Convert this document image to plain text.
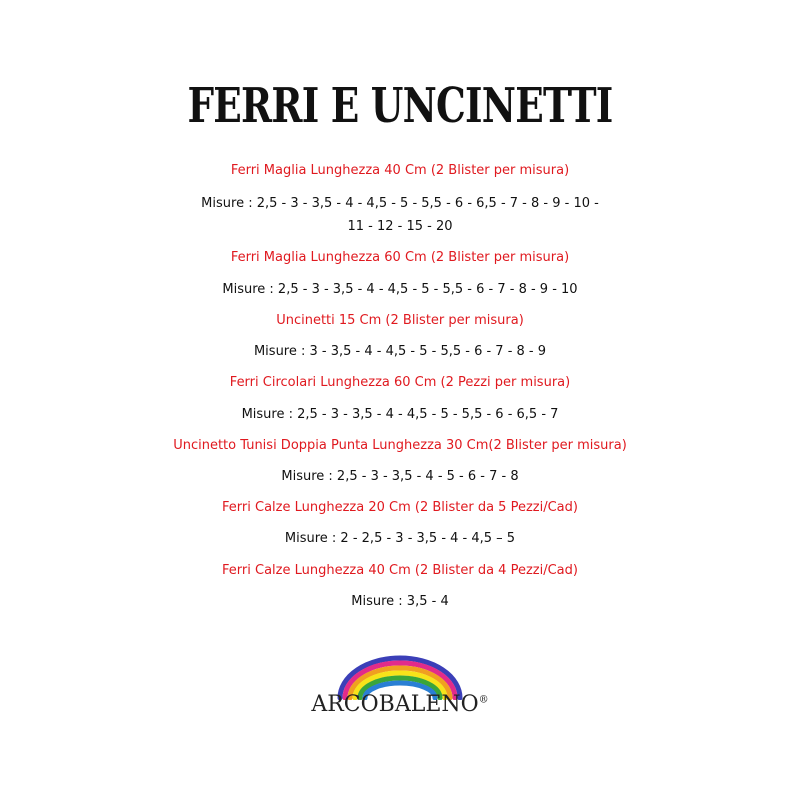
FERRI E UNCINETTI
Ferri Maglia Lunghezza 40 Cm (2 Blister per misura)
Misure : 2,5 - 3 - 3,5 - 4 - 4,5 - 5 - 5,5 - 6 - 6,5 - 7 - 8 - 9 - 10 -
11 - 12 - 15 - 20
Ferri Maglia Lunghezza 60 Cm (2 Blister per misura)
Misure : 2,5 - 3 - 3,5 - 4 - 4,5 - 5 - 5,5 - 6 - 7 - 8 - 9 - 10
Uncinetti 15 Cm (2 Blister per misura)
Misure : 3 - 3,5 - 4 - 4,5 - 5 - 5,5 - 6 - 7 - 8 - 9
Ferri Circolari Lunghezza 60 Cm (2 Pezzi per misura)
Misure : 2,5 - 3 - 3,5 - 4 - 4,5 - 5 - 5,5 - 6 - 6,5 - 7
Uncinetto Tunisi Doppia Punta Lunghezza 30 Cm(2 Blister per misura)
Misure : 2,5 - 3 - 3,5 - 4 - 5 - 6 - 7 - 8
Ferri Calze Lunghezza 20 Cm (2 Blister da 5 Pezzi/Cad)
Misure : 2 - 2,5 - 3 - 3,5 - 4 - 4,5 – 5
Ferri Calze Lunghezza 40 Cm (2 Blister da 4 Pezzi/Cad)
Misure : 3,5 - 4
ARCOBALENO®
